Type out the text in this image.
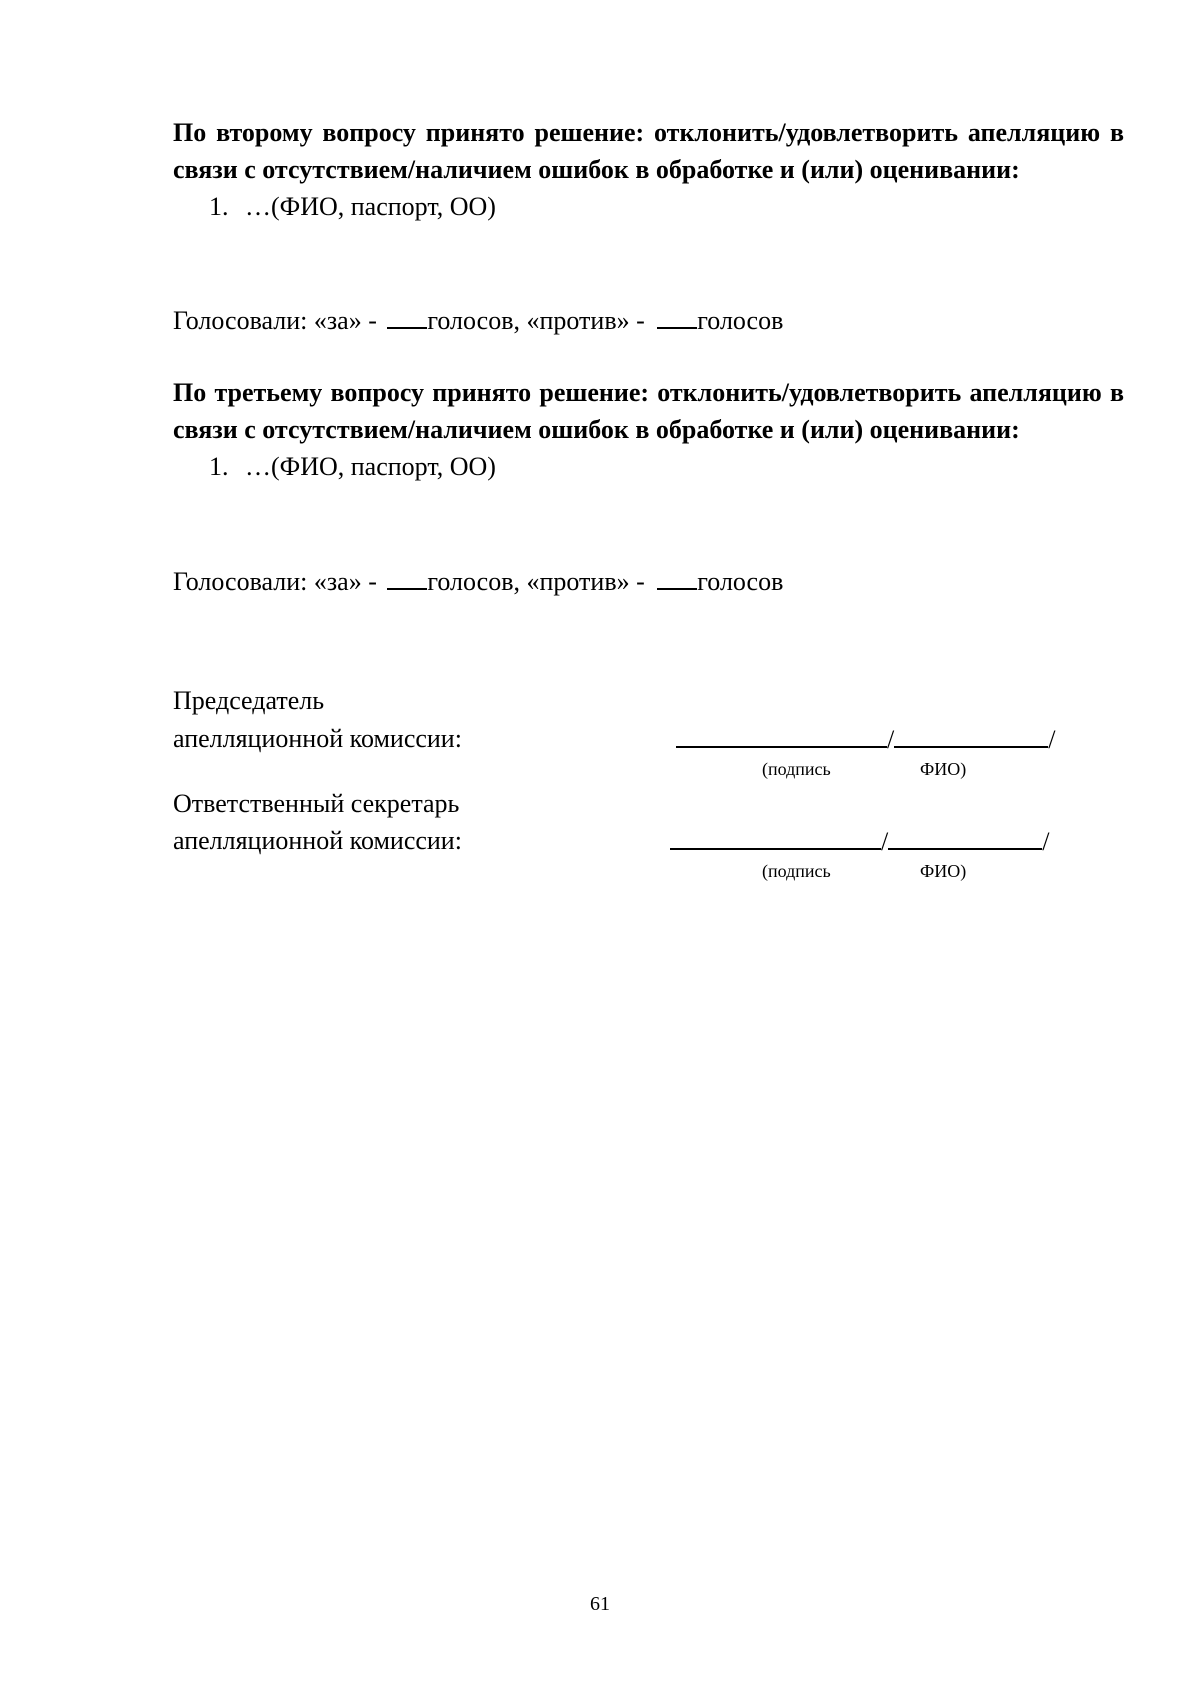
По второму вопросу принято решение: отклонить/удовлетворить апелляцию в связи с отсутствием/наличием ошибок в обработке и (или) оценивании:

1. …(ФИО, паспорт, ОО)

Голосовали: «за» - голосов, «против» - голосов

По третьему вопросу принято решение: отклонить/удовлетворить апелляцию в связи с отсутствием/наличием ошибок в обработке и (или) оценивании:

1. …(ФИО, паспорт, ОО)

Голосовали: «за» - голосов, «против» - голосов
Председатель
апелляционной комиссии:	/	/
(подпись	ФИО)
Ответственный секретарь
апелляционной комиссии:	/	/
(подпись	ФИО)
61
